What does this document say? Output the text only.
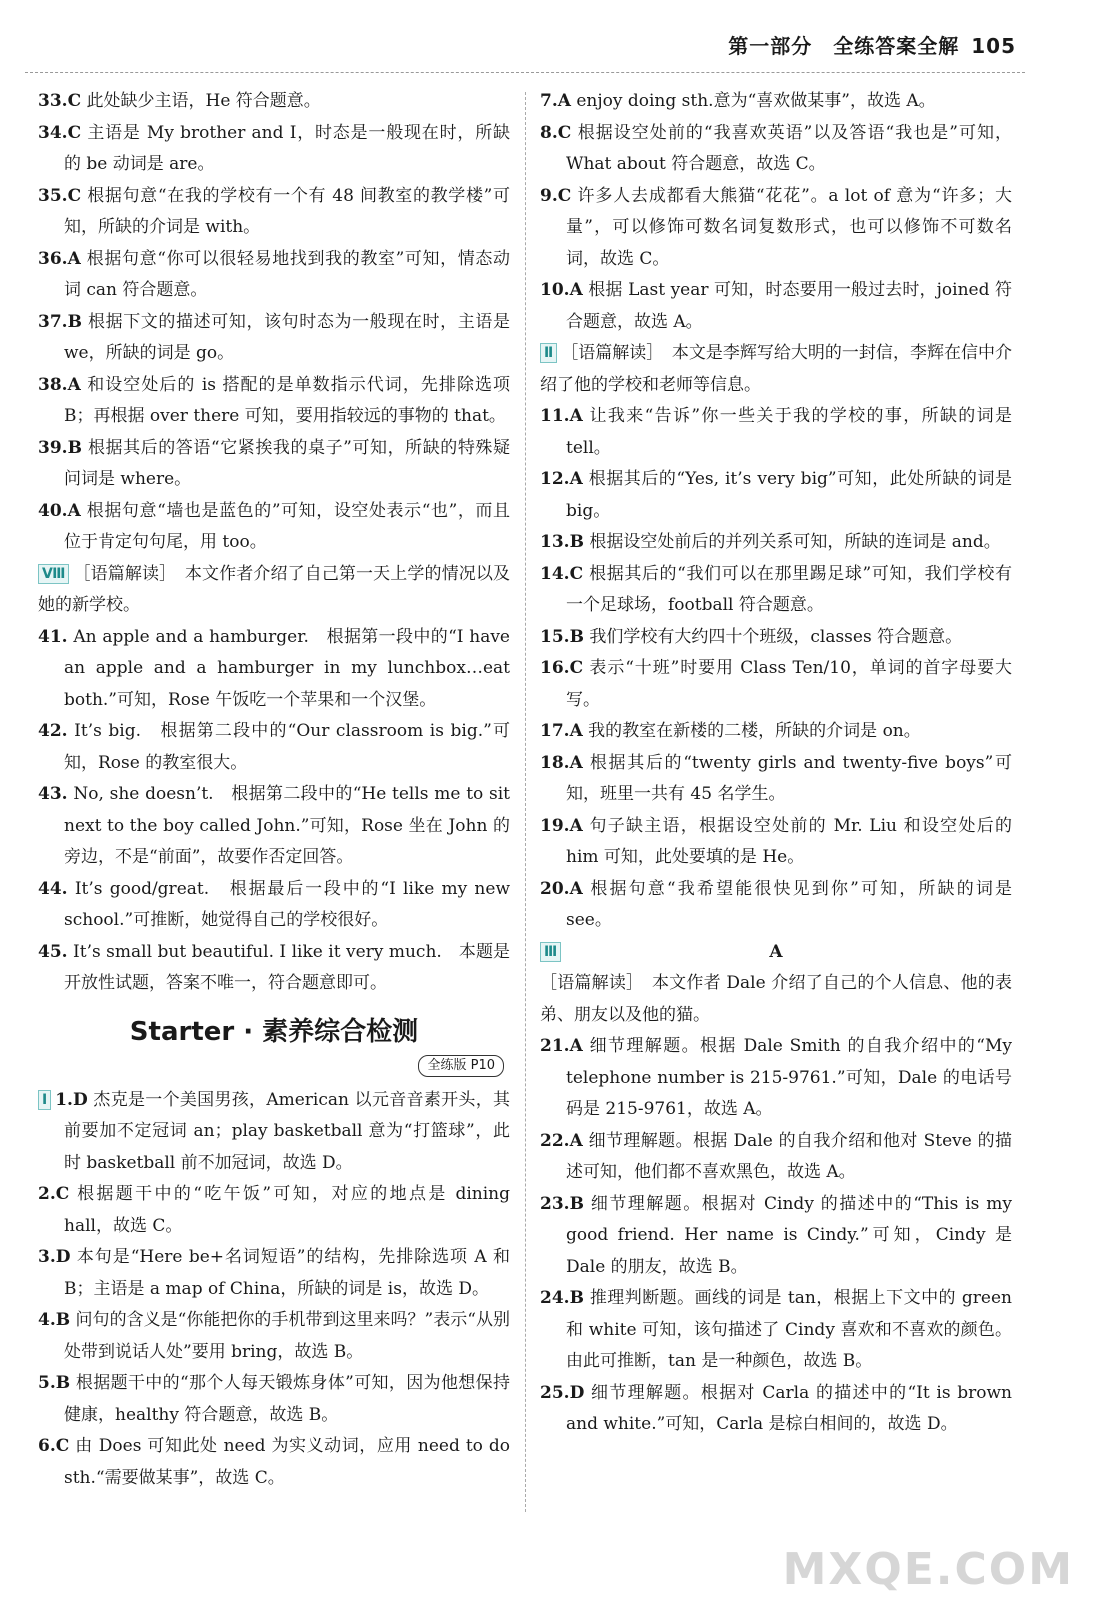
第一部分　全练答案全解 105
33.C 此处缺少主语，He 符合题意。
34.C 主语是 My brother and I，时态是一般现在时，所缺的 be 动词是 are。
35.C 根据句意“在我的学校有一个有 48 间教室的教学楼”可知，所缺的介词是 with。
36.A 根据句意“你可以很轻易地找到我的教室”可知，情态动词 can 符合题意。
37.B 根据下文的描述可知，该句时态为一般现在时，主语是 we，所缺的词是 go。
38.A 和设空处后的 is 搭配的是单数指示代词，先排除选项 B；再根据 over there 可知，要用指较远的事物的 that。
39.B 根据其后的答语“它紧挨我的桌子”可知，所缺的特殊疑问词是 where。
40.A 根据句意“墙也是蓝色的”可知，设空处表示“也”，而且位于肯定句句尾，用 too。
Ⅷ ［语篇解读］　本文作者介绍了自己第一天上学的情况以及她的新学校。
41. An apple and a hamburger.　根据第一段中的“I have an apple and a hamburger in my lunchbox…eat both.”可知，Rose 午饭吃一个苹果和一个汉堡。
42. It’s big.　根据第二段中的“Our classroom is big.”可知，Rose 的教室很大。
43. No, she doesn’t.　根据第二段中的“He tells me to sit next to the boy called John.”可知，Rose 坐在 John 的旁边，不是“前面”，故要作否定回答。
44. It’s good/great.　根据最后一段中的“I like my new school.”可推断，她觉得自己的学校很好。
45. It’s small but beautiful. I like it very much.　本题是开放性试题，答案不唯一，符合题意即可。
Starter · 素养综合检测
全练版 P10
Ⅰ 1.D 杰克是一个美国男孩，American 以元音音素开头，其前要加不定冠词 an；play basketball 意为“打篮球”，此时 basketball 前不加冠词，故选 D。
2.C 根据题干中的“吃午饭”可知，对应的地点是 dining hall，故选 C。
3.D 本句是“Here be+名词短语”的结构，先排除选项 A 和 B；主语是 a map of China，所缺的词是 is，故选 D。
4.B 问句的含义是“你能把你的手机带到这里来吗？”表示“从别处带到说话人处”要用 bring，故选 B。
5.B 根据题干中的“那个人每天锻炼身体”可知，因为他想保持健康，healthy 符合题意，故选 B。
6.C 由 Does 可知此处 need 为实义动词，应用 need to do sth.“需要做某事”，故选 C。
7.A enjoy doing sth.意为“喜欢做某事”，故选 A。
8.C 根据设空处前的“我喜欢英语”以及答语“我也是”可知，What about 符合题意，故选 C。
9.C 许多人去成都看大熊猫“花花”。a lot of 意为“许多；大量”，可以修饰可数名词复数形式，也可以修饰不可数名词，故选 C。
10.A 根据 Last year 可知，时态要用一般过去时，joined 符合题意，故选 A。
Ⅱ ［语篇解读］　本文是李辉写给大明的一封信，李辉在信中介绍了他的学校和老师等信息。
11.A 让我来“告诉”你一些关于我的学校的事，所缺的词是 tell。
12.A 根据其后的“Yes, it’s very big”可知，此处所缺的词是 big。
13.B 根据设空处前后的并列关系可知，所缺的连词是 and。
14.C 根据其后的“我们可以在那里踢足球”可知，我们学校有一个足球场，football 符合题意。
15.B 我们学校有大约四十个班级，classes 符合题意。
16.C 表示“十班”时要用 Class Ten/10，单词的首字母要大写。
17.A 我的教室在新楼的二楼，所缺的介词是 on。
18.A 根据其后的“twenty girls and twenty-five boys”可知，班里一共有 45 名学生。
19.A 句子缺主语，根据设空处前的 Mr. Liu 和设空处后的 him 可知，此处要填的是 He。
20.A 根据句意“我希望能很快见到你”可知，所缺的词是 see。
Ⅲ	A
［语篇解读］　本文作者 Dale 介绍了自己的个人信息、他的表弟、朋友以及他的猫。
21.A 细节理解题。根据 Dale Smith 的自我介绍中的“My telephone number is 215-9761.”可知，Dale 的电话号码是 215-9761，故选 A。
22.A 细节理解题。根据 Dale 的自我介绍和他对 Steve 的描述可知，他们都不喜欢黑色，故选 A。
23.B 细节理解题。根据对 Cindy 的描述中的“This is my good friend. Her name is Cindy.”可知，Cindy 是 Dale 的朋友，故选 B。
24.B 推理判断题。画线的词是 tan，根据上下文中的 green 和 white 可知，该句描述了 Cindy 喜欢和不喜欢的颜色。由此可推断，tan 是一种颜色，故选 B。
25.D 细节理解题。根据对 Carla 的描述中的“It is brown and white.”可知，Carla 是棕白相间的，故选 D。
MXQE.COM
